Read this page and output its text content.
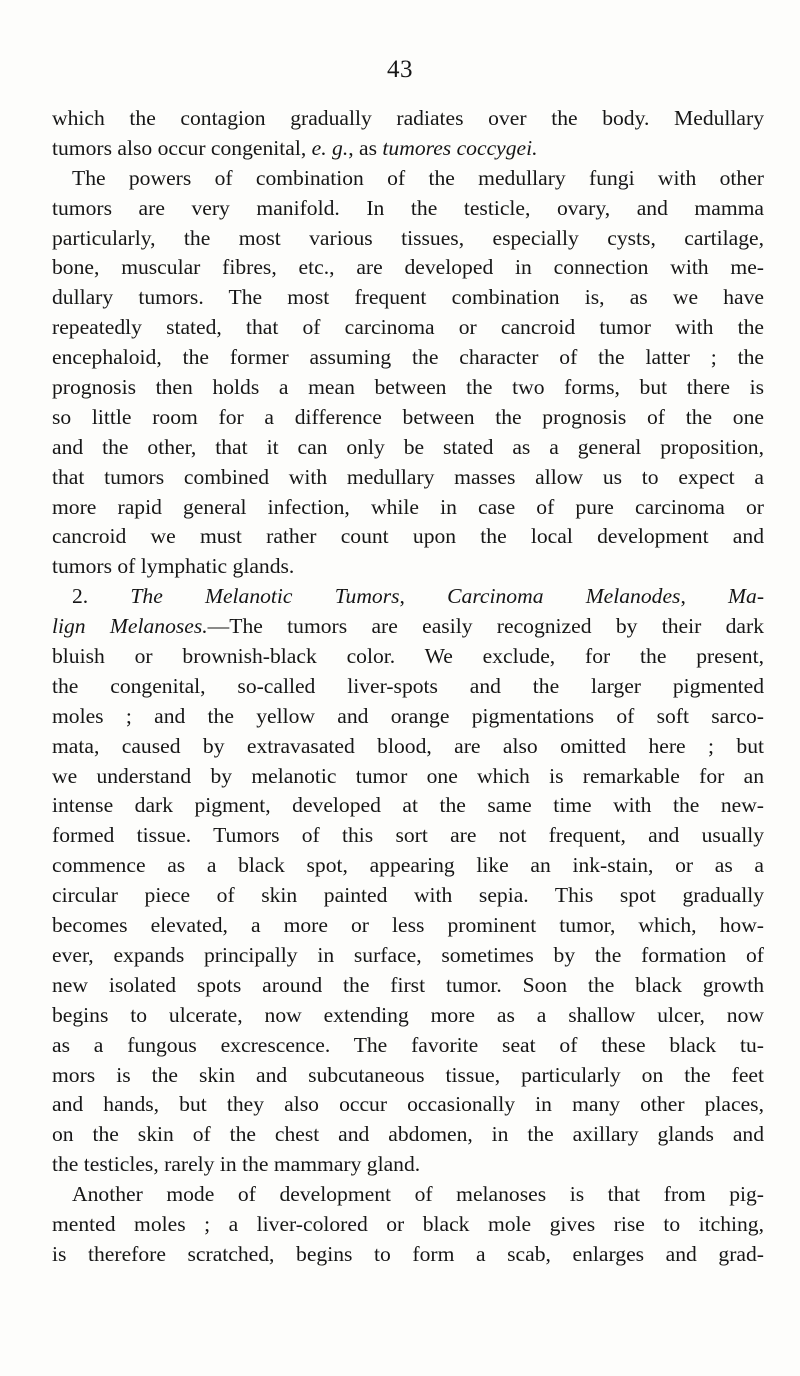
43
which the contagion gradually radiates over the body. Medullary
tumors also occur congenital, e. g., as tumores coccygei.
The powers of combination of the medullary fungi with other
tumors are very manifold. In the testicle, ovary, and mamma
particularly, the most various tissues, especially cysts, cartilage,
bone, muscular fibres, etc., are developed in connection with me-
dullary tumors. The most frequent combination is, as we have
repeatedly stated, that of carcinoma or cancroid tumor with the
encephaloid, the former assuming the character of the latter ; the
prognosis then holds a mean between the two forms, but there is
so little room for a difference between the prognosis of the one
and the other, that it can only be stated as a general proposition,
that tumors combined with medullary masses allow us to expect a
more rapid general infection, while in case of pure carcinoma or
cancroid we must rather count upon the local development and
tumors of lymphatic glands.
2. The Melanotic Tumors, Carcinoma Melanodes, Ma-
lign Melanoses.—The tumors are easily recognized by their dark
bluish or brownish-black color. We exclude, for the present,
the congenital, so-called liver-spots and the larger pigmented
moles ; and the yellow and orange pigmentations of soft sarco-
mata, caused by extravasated blood, are also omitted here ; but
we understand by melanotic tumor one which is remarkable for an
intense dark pigment, developed at the same time with the new-
formed tissue. Tumors of this sort are not frequent, and usually
commence as a black spot, appearing like an ink-stain, or as a
circular piece of skin painted with sepia. This spot gradually
becomes elevated, a more or less prominent tumor, which, how-
ever, expands principally in surface, sometimes by the formation of
new isolated spots around the first tumor. Soon the black growth
begins to ulcerate, now extending more as a shallow ulcer, now
as a fungous excrescence. The favorite seat of these black tu-
mors is the skin and subcutaneous tissue, particularly on the feet
and hands, but they also occur occasionally in many other places,
on the skin of the chest and abdomen, in the axillary glands and
the testicles, rarely in the mammary gland.
Another mode of development of melanoses is that from pig-
mented moles ; a liver-colored or black mole gives rise to itching,
is therefore scratched, begins to form a scab, enlarges and grad-
